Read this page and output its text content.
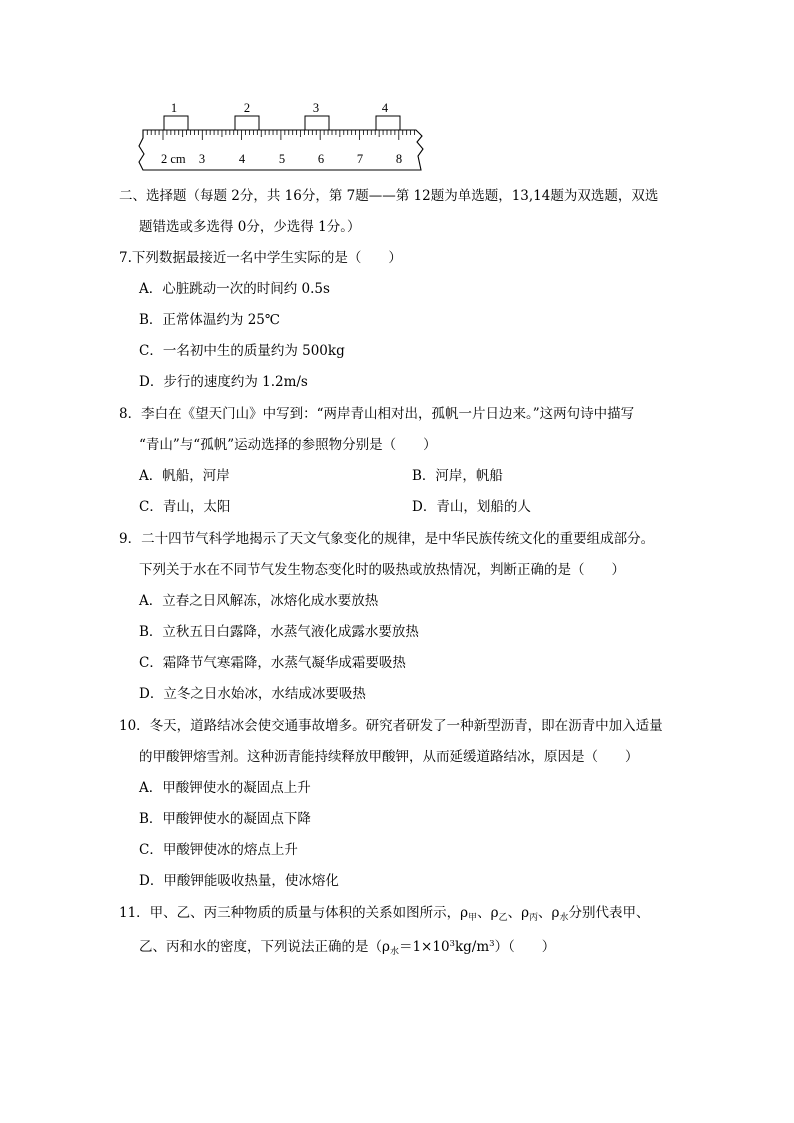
1	2	3	4
2 cm 3	4	5	6	7	8
二、选择题（每题 2分，共 16分，第 7题——第 12题为单选题，13,14题为双选题，双选
题错选或多选得 0分，少选得 1分。）
7.下列数据最接近一名中学生实际的是（　　）
A．心脏跳动一次的时间约 0.5s
B．正常体温约为 25℃
C．一名初中生的质量约为 500kg
D．步行的速度约为 1.2m/s
8．李白在《望天门山》中写到：“两岸青山相对出，孤帆一片日边来。”这两句诗中描写
“青山”与“孤帆”运动选择的参照物分别是（　　）
A．帆船，河岸	B．河岸，帆船
C．青山，太阳	D．青山，划船的人
9．二十四节气科学地揭示了天文气象变化的规律，是中华民族传统文化的重要组成部分。
下列关于水在不同节气发生物态变化时的吸热或放热情况，判断正确的是（　　）
A．立春之日风解冻，冰熔化成水要放热
B．立秋五日白露降，水蒸气液化成露水要放热
C．霜降节气寒霜降，水蒸气凝华成霜要吸热
D．立冬之日水始冰，水结成冰要吸热
10．冬天，道路结冰会使交通事故增多。研究者研发了一种新型沥青，即在沥青中加入适量
的甲酸钾熔雪剂。这种沥青能持续释放甲酸钾，从而延缓道路结冰，原因是（　　）
A．甲酸钾使水的凝固点上升
B．甲酸钾使水的凝固点下降
C．甲酸钾使冰的熔点上升
D．甲酸钾能吸收热量，使冰熔化
11．甲、乙、丙三种物质的质量与体积的关系如图所示，$\rho_甲$、$\rho_乙$、$\rho_丙$、$\rho_水$分别代表甲、
乙、丙和水的密度，下列说法正确的是$(\rho_水=1\times 10^3kg/m^3)$（　　）
